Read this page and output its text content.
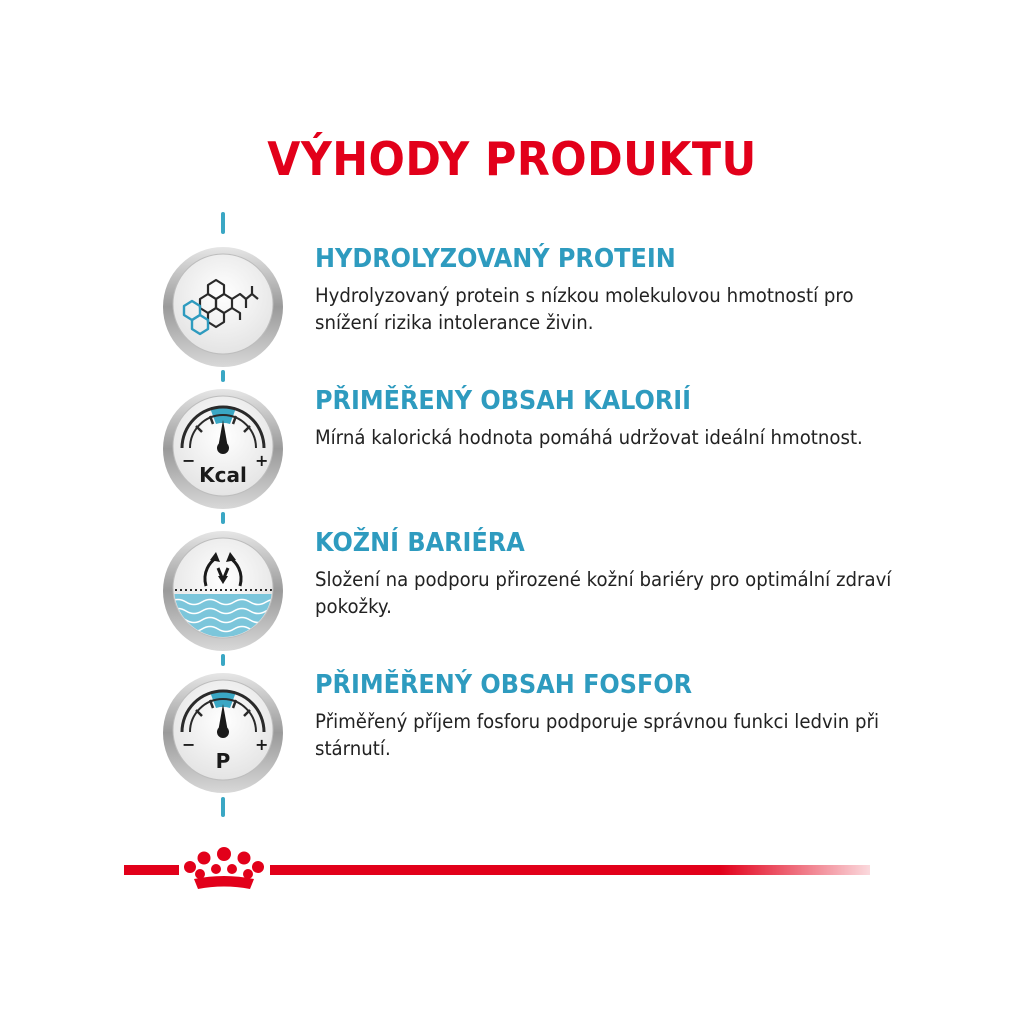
VÝHODY PRODUKTU
HYDROLYZOVANÝ PROTEIN
Hydrolyzovaný protein s nízkou molekulovou hmotností pro snížení rizika intolerance živin.
−	+
Kcal
PŘIMĚŘENÝ OBSAH KALORIÍ
Mírná kalorická hodnota pomáhá udržovat ideální hmotnost.
KOŽNÍ BARIÉRA
Složení na podporu přirozené kožní bariéry pro optimální zdraví pokožky.
−	+
P
PŘIMĚŘENÝ OBSAH FOSFOR
Přiměřený příjem fosforu podporuje správnou funkci ledvin při stárnutí.
